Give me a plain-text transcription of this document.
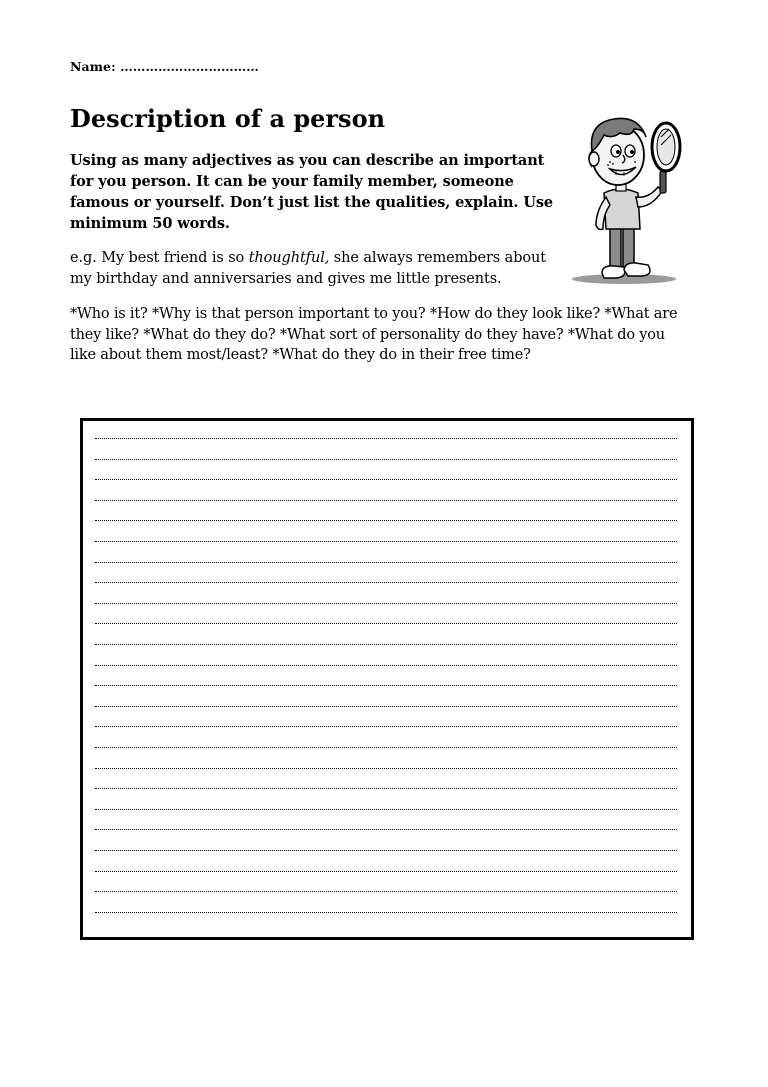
Name: ……………………………
Description of a person

Using as many adjectives as you can describe an important for you person. It can be your family member, someone famous or yourself. Don’t just list the qualities, explain. Use minimum 50 words.

e.g. My best friend is so thoughtful, she always remembers about my birthday and anniversaries and gives me little presents.

*Who is it? *Why is that person important to you? *How do they look like? *What are they like? *What do they do? *What sort of personality do they have? *What do you like about them most/least? *What do they do in their free time?
